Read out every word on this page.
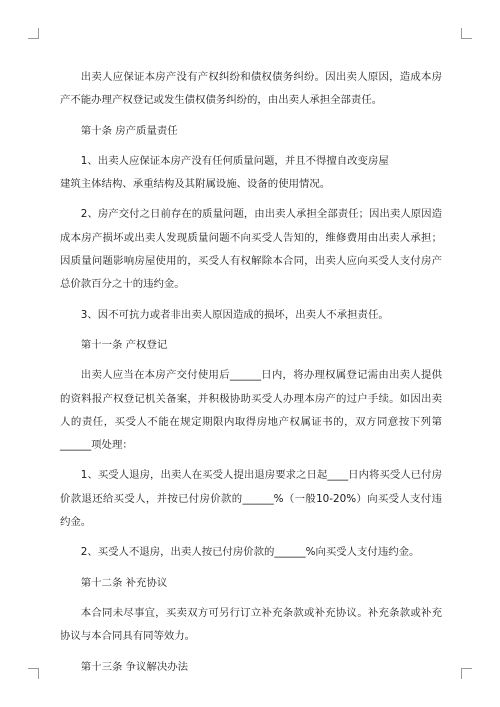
出卖人应保证本房产没有产权纠纷和债权债务纠纷。因出卖人原因，造成本房产不能办理产权登记或发生债权债务纠纷的，由出卖人承担全部责任。

第十条 房产质量责任

1、出卖人应保证本房产没有任何质量问题，并且不得擅自改变房屋

建筑主体结构、承重结构及其附属设施、设备的使用情况。

2、房产交付之日前存在的质量问题，由出卖人承担全部责任；因出卖人原因造成本房产损坏或出卖人发现质量问题不向买受人告知的，维修费用由出卖人承担；因质量问题影响房屋使用的，买受人有权解除本合同，出卖人应向买受人支付房产总价款百分之十的违约金。

3、因不可抗力或者非出卖人原因造成的损坏，出卖人不承担责任。

第十一条 产权登记

出卖人应当在本房产交付使用后______日内，将办理权属登记需由出卖人提供的资料报产权登记机关备案，并积极协助买受人办理本房产的过户手续。如因出卖人的责任，买受人不能在规定期限内取得房地产权属证书的，双方同意按下列第______项处理：

1、买受人退房，出卖人在买受人提出退房要求之日起____日内将买受人已付房价款退还给买受人，并按已付房价款的______%（一般10-20%）向买受人支付违约金。

2、买受人不退房，出卖人按已付房价款的______%向买受人支付违约金。

第十二条 补充协议

本合同未尽事宜，买卖双方可另行订立补充条款或补充协议。补充条款或补充协议与本合同具有同等效力。

第十三条 争议解决办法
